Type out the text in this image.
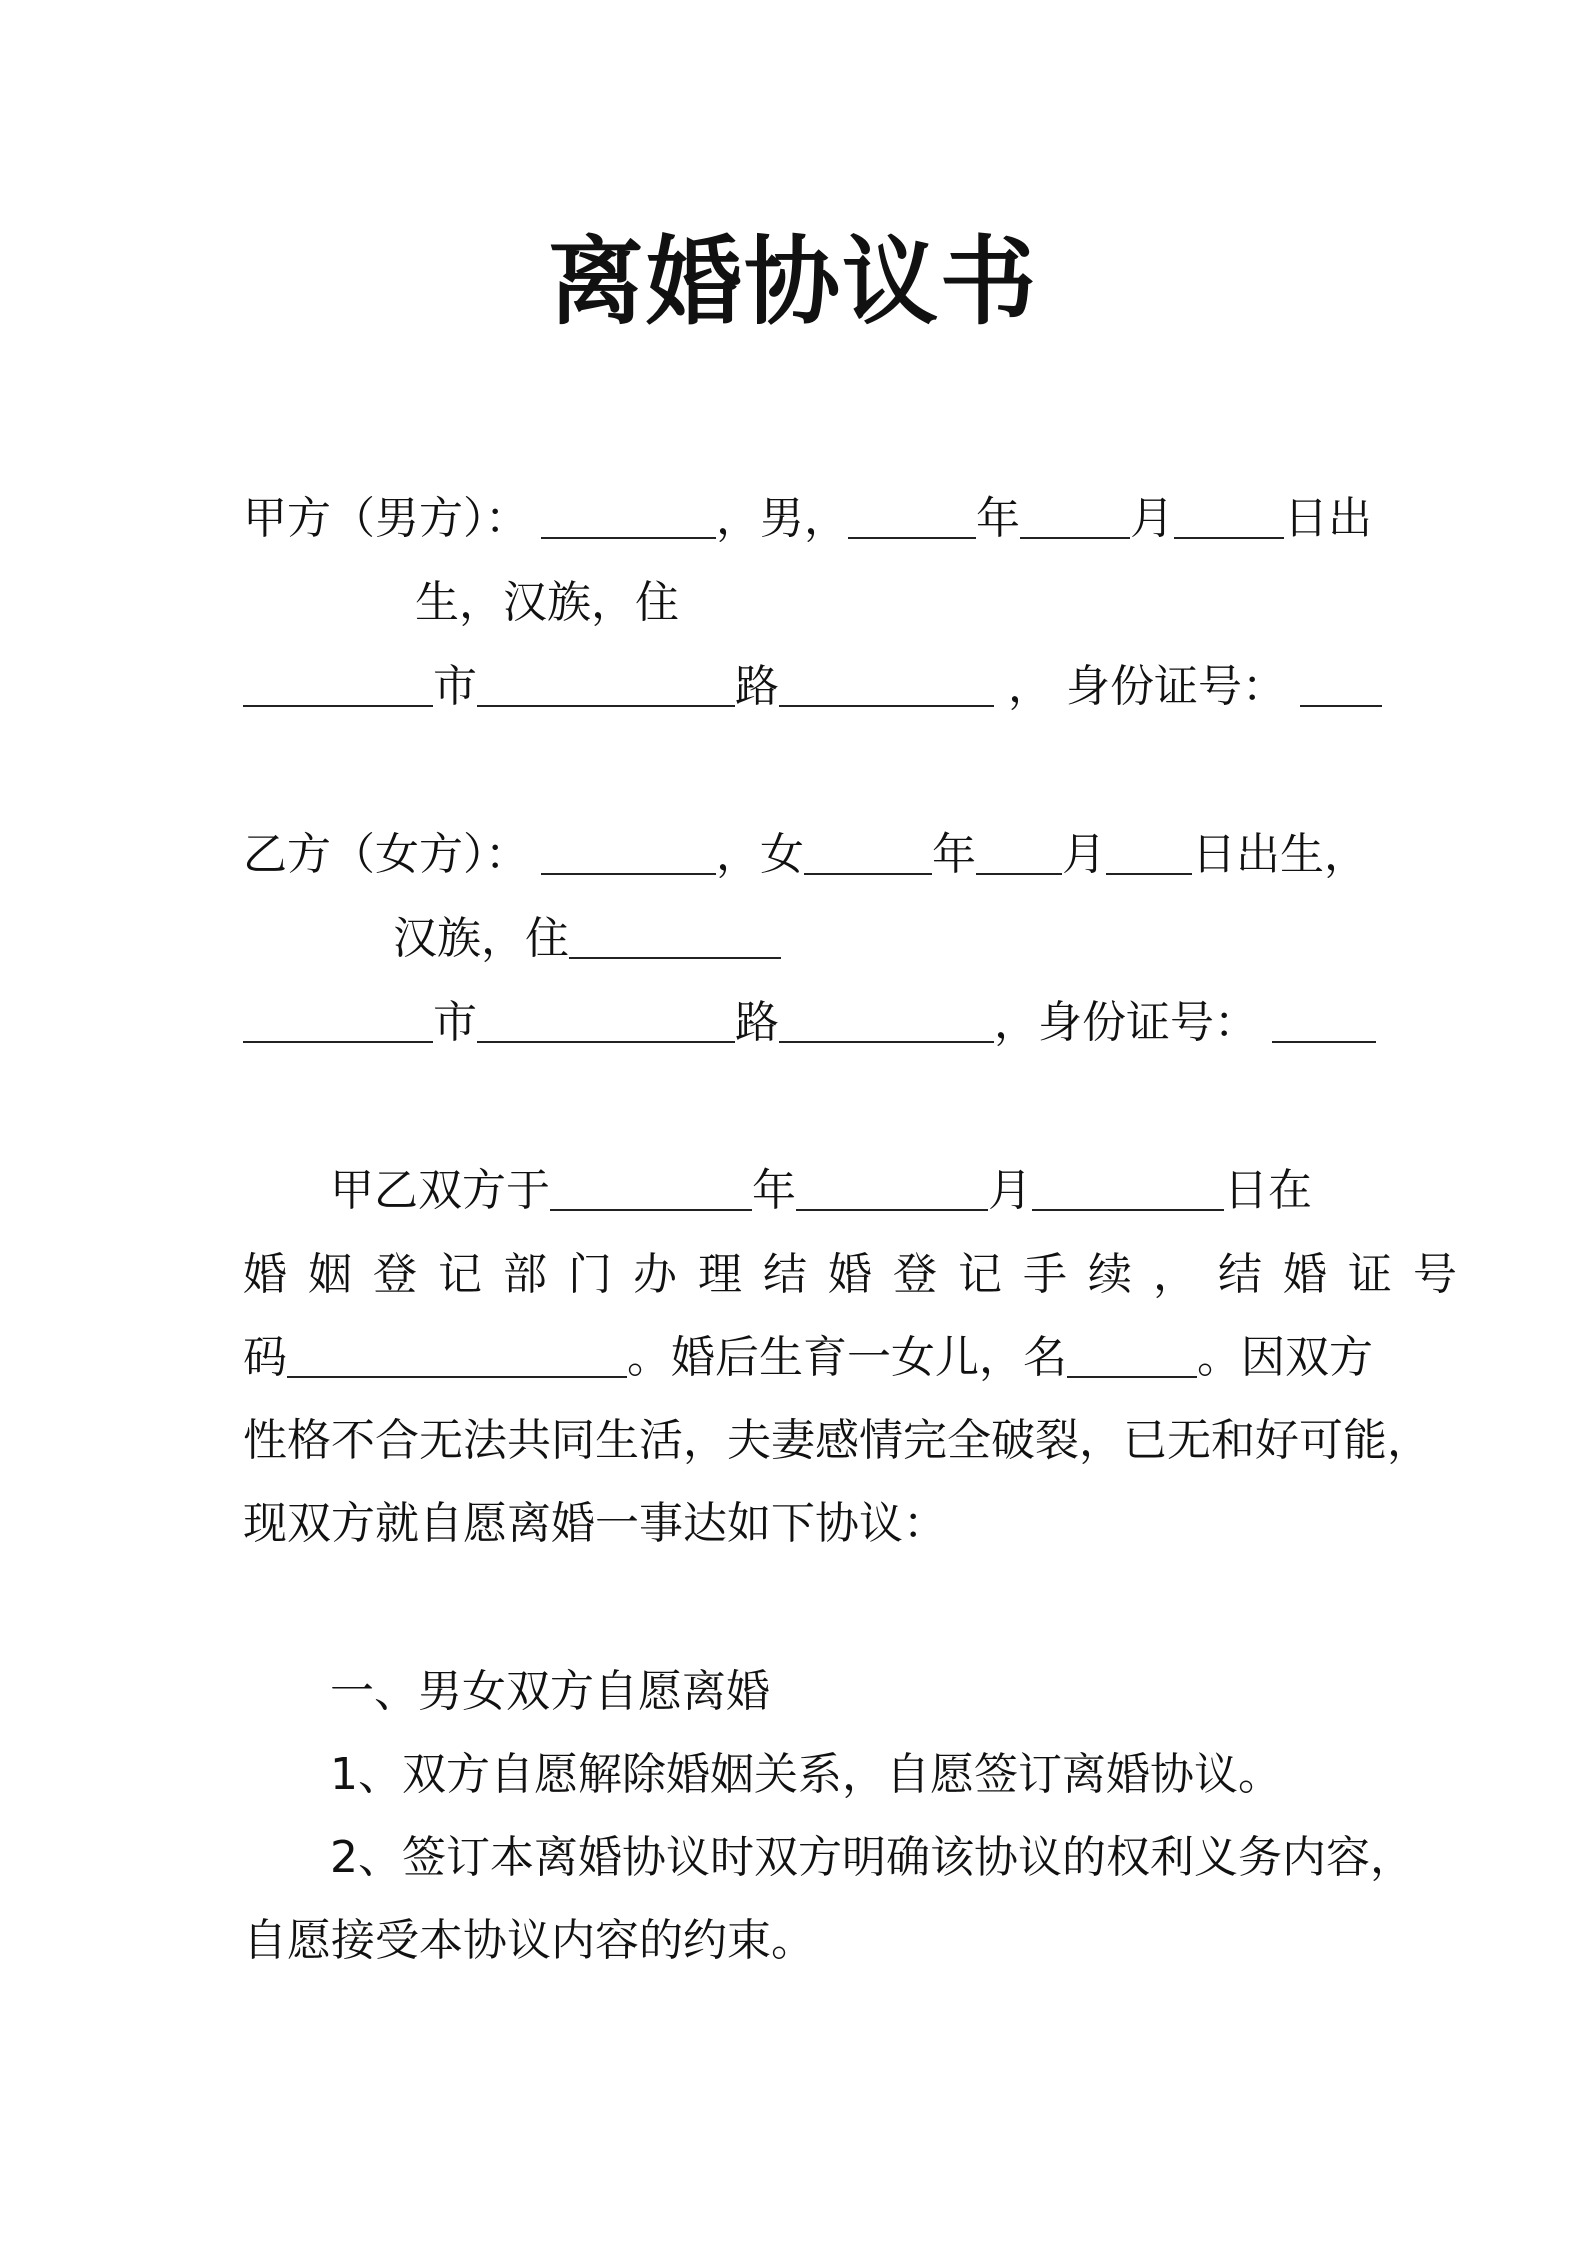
离婚协议书
甲方（男方）：	，男，	年	月	日出
生，汉族，住
市	路	， 身份证号：
乙方（女方）：	，女	年 月 日出生，
汉族，住
市	路	，身份证号：
甲乙双方于	年	月	日在
婚姻登记部门办理结婚登记手续，结婚证号
码	。婚后生育一女儿，名	。因双方
性格不合无法共同生活，夫妻感情完全破裂，已无和好可能，
现双方就自愿离婚一事达如下协议：
一、男女双方自愿离婚
1、双方自愿解除婚姻关系，自愿签订离婚协议。
2、签订本离婚协议时双方明确该协议的权利义务内容，
自愿接受本协议内容的约束。
